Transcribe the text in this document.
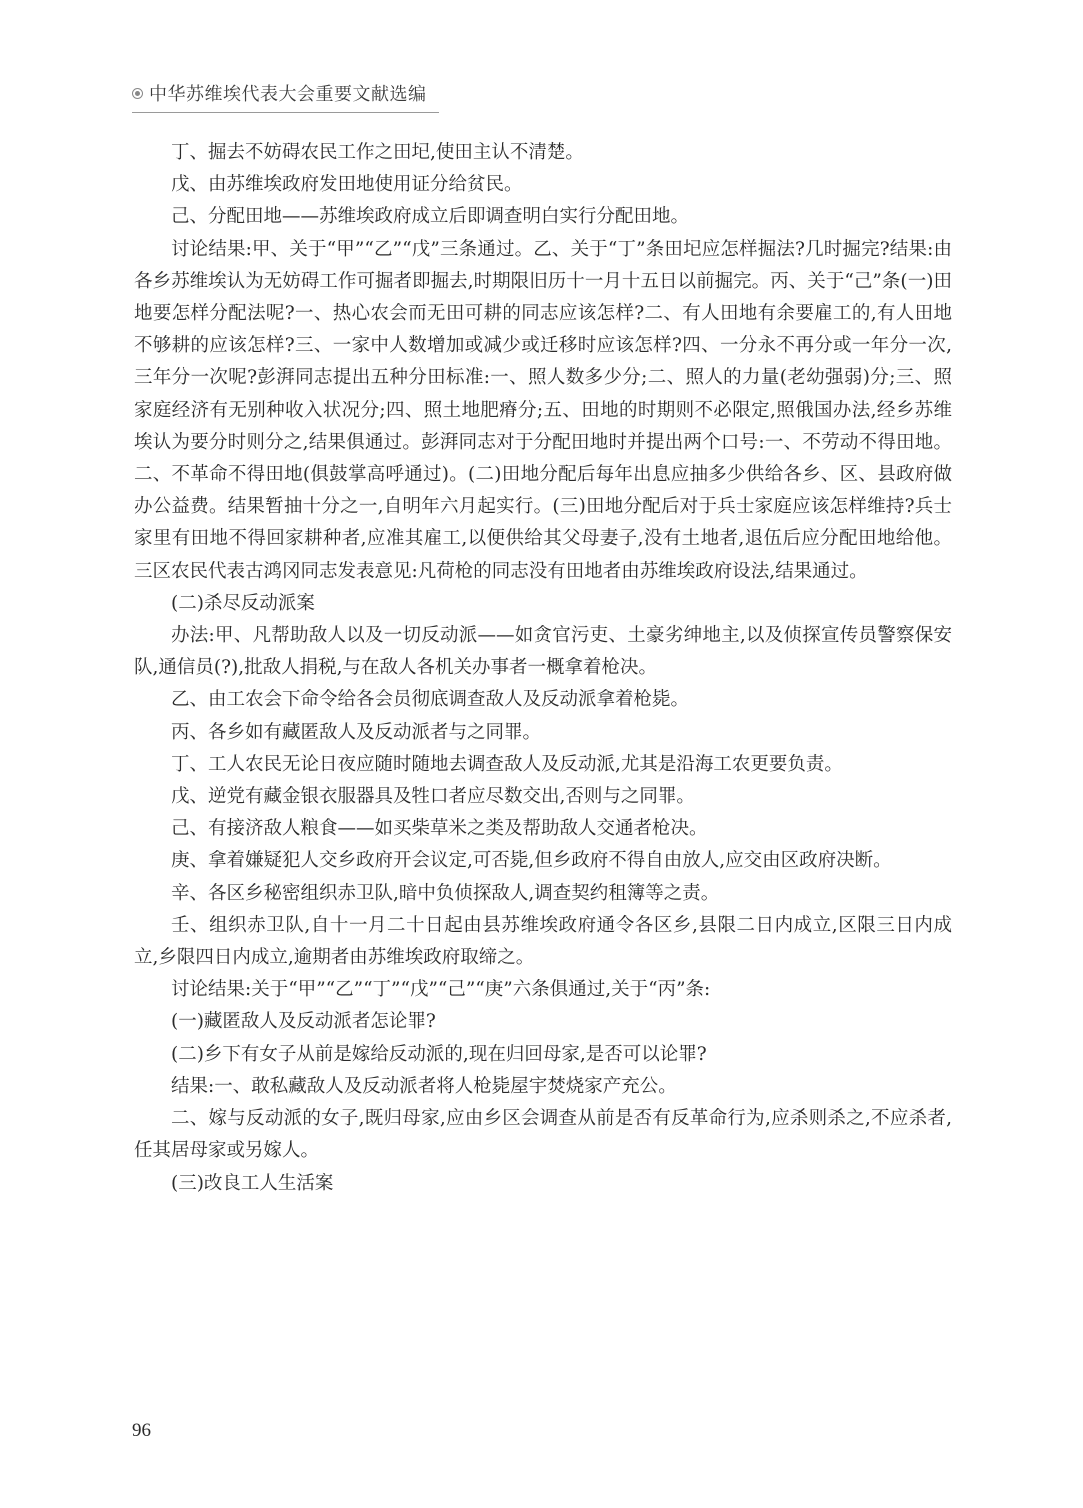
中华苏维埃代表大会重要文献选编

丁、掘去不妨碍农民工作之田𡉏,使田主认不清楚。

戊、由苏维埃政府发田地使用证分给贫民。

己、分配田地——苏维埃政府成立后即调查明白实行分配田地。

讨论结果:甲、关于“甲”“乙”“戊”三条通过。乙、关于“丁”条田𡉏应怎样掘法?几时掘完?结果:由各乡苏维埃认为无妨碍工作可掘者即掘去,时期限旧历十一月十五日以前掘完。丙、关于“己”条(一)田地要怎样分配法呢?一、热心农会而无田可耕的同志应该怎样?二、有人田地有余要雇工的,有人田地不够耕的应该怎样?三、一家中人数增加或减少或迁移时应该怎样?四、一分永不再分或一年分一次,三年分一次呢?彭湃同志提出五种分田标准:一、照人数多少分;二、照人的力量(老幼强弱)分;三、照家庭经济有无别种收入状况分;四、照土地肥瘠分;五、田地的时期则不必限定,照俄国办法,经乡苏维埃认为要分时则分之,结果俱通过。彭湃同志对于分配田地时并提出两个口号:一、不劳动不得田地。二、不革命不得田地(俱鼓掌高呼通过)。(二)田地分配后每年出息应抽多少供给各乡、区、县政府做办公益费。结果暂抽十分之一,自明年六月起实行。(三)田地分配后对于兵士家庭应该怎样维持?兵士家里有田地不得回家耕种者,应准其雇工,以便供给其父母妻子,没有土地者,退伍后应分配田地给他。三区农民代表古鸿冈同志发表意见:凡荷枪的同志没有田地者由苏维埃政府设法,结果通过。

(二)杀尽反动派案

办法:甲、凡帮助敌人以及一切反动派——如贪官污吏、土豪劣绅地主,以及侦探宣传员警察保安队,通信员(?),批敌人捐税,与在敌人各机关办事者一概拿着枪决。

乙、由工农会下命令给各会员彻底调查敌人及反动派拿着枪毙。

丙、各乡如有藏匿敌人及反动派者与之同罪。

丁、工人农民无论日夜应随时随地去调查敌人及反动派,尤其是沿海工农更要负责。

戊、逆党有藏金银衣服器具及牲口者应尽数交出,否则与之同罪。

己、有接济敌人粮食——如买柴草米之类及帮助敌人交通者枪决。

庚、拿着嫌疑犯人交乡政府开会议定,可否毙,但乡政府不得自由放人,应交由区政府决断。

辛、各区乡秘密组织赤卫队,暗中负侦探敌人,调查契约租簿等之责。

壬、组织赤卫队,自十一月二十日起由县苏维埃政府通令各区乡,县限二日内成立,区限三日内成立,乡限四日内成立,逾期者由苏维埃政府取缔之。

讨论结果:关于“甲”“乙”“丁”“戊”“己”“庚”六条俱通过,关于“丙”条:

(一)藏匿敌人及反动派者怎论罪?

(二)乡下有女子从前是嫁给反动派的,现在归回母家,是否可以论罪?

结果:一、敢私藏敌人及反动派者将人枪毙屋宇焚烧家产充公。

二、嫁与反动派的女子,既归母家,应由乡区会调查从前是否有反革命行为,应杀则杀之,不应杀者,任其居母家或另嫁人。

(三)改良工人生活案

96
